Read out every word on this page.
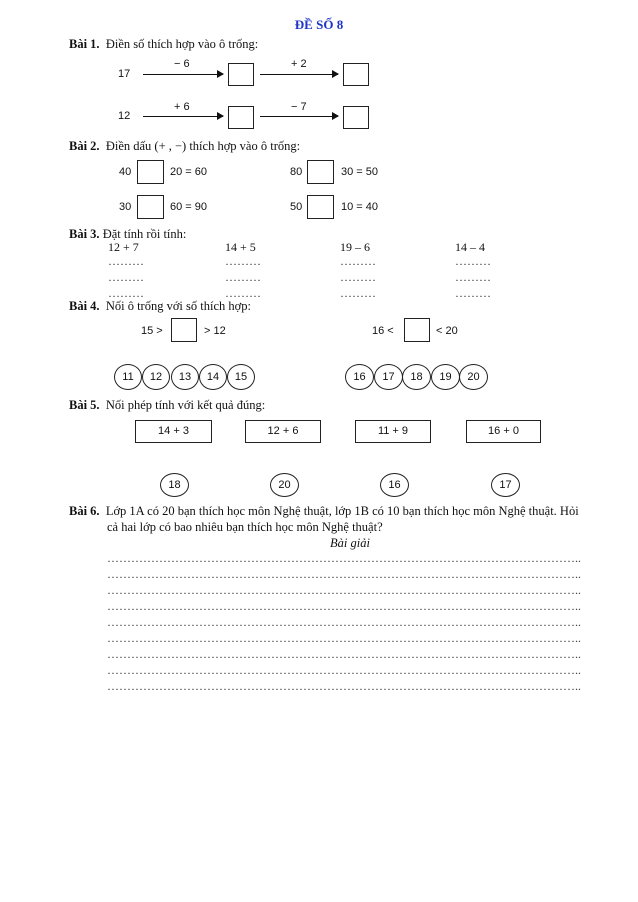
ĐỀ SỐ 8
Bài 1. Điền số thích hợp vào ô trống:
17
− 6	+ 2
12
+ 6	− 7
Bài 2. Điền dấu (+ , −) thích hợp vào ô trống:
40	20 = 60	80	30 = 50
30	60 = 90	50	10 = 40
Bài 3. Đặt tính rồi tính:
12 + 7	14 + 5	19 – 6	14 – 4
………	………	………	………
………	………	………	………
………	………	………	………
Bài 4. Nối ô trống với số thích hợp:
15 >	> 12	16 <	< 20
11	12	13	14	15	16	17	18	19	20
Bài 5. Nối phép tính với kết quả đúng:
14 + 3	12 + 6	11 + 9	16 + 0
18	20	16	17
Bài 6. Lớp 1A có 20 bạn thích học môn Nghệ thuật, lớp 1B có 10 bạn thích học môn Nghệ thuật. Hỏi
cả hai lớp có bao nhiêu bạn thích học môn Nghệ thuật?
Bài giải
………………………………………………………………………………………………………..
………………………………………………………………………………………………………..
………………………………………………………………………………………………………..
………………………………………………………………………………………………………..
………………………………………………………………………………………………………..
………………………………………………………………………………………………………..
………………………………………………………………………………………………………..
………………………………………………………………………………………………………..
………………………………………………………………………………………………………..
